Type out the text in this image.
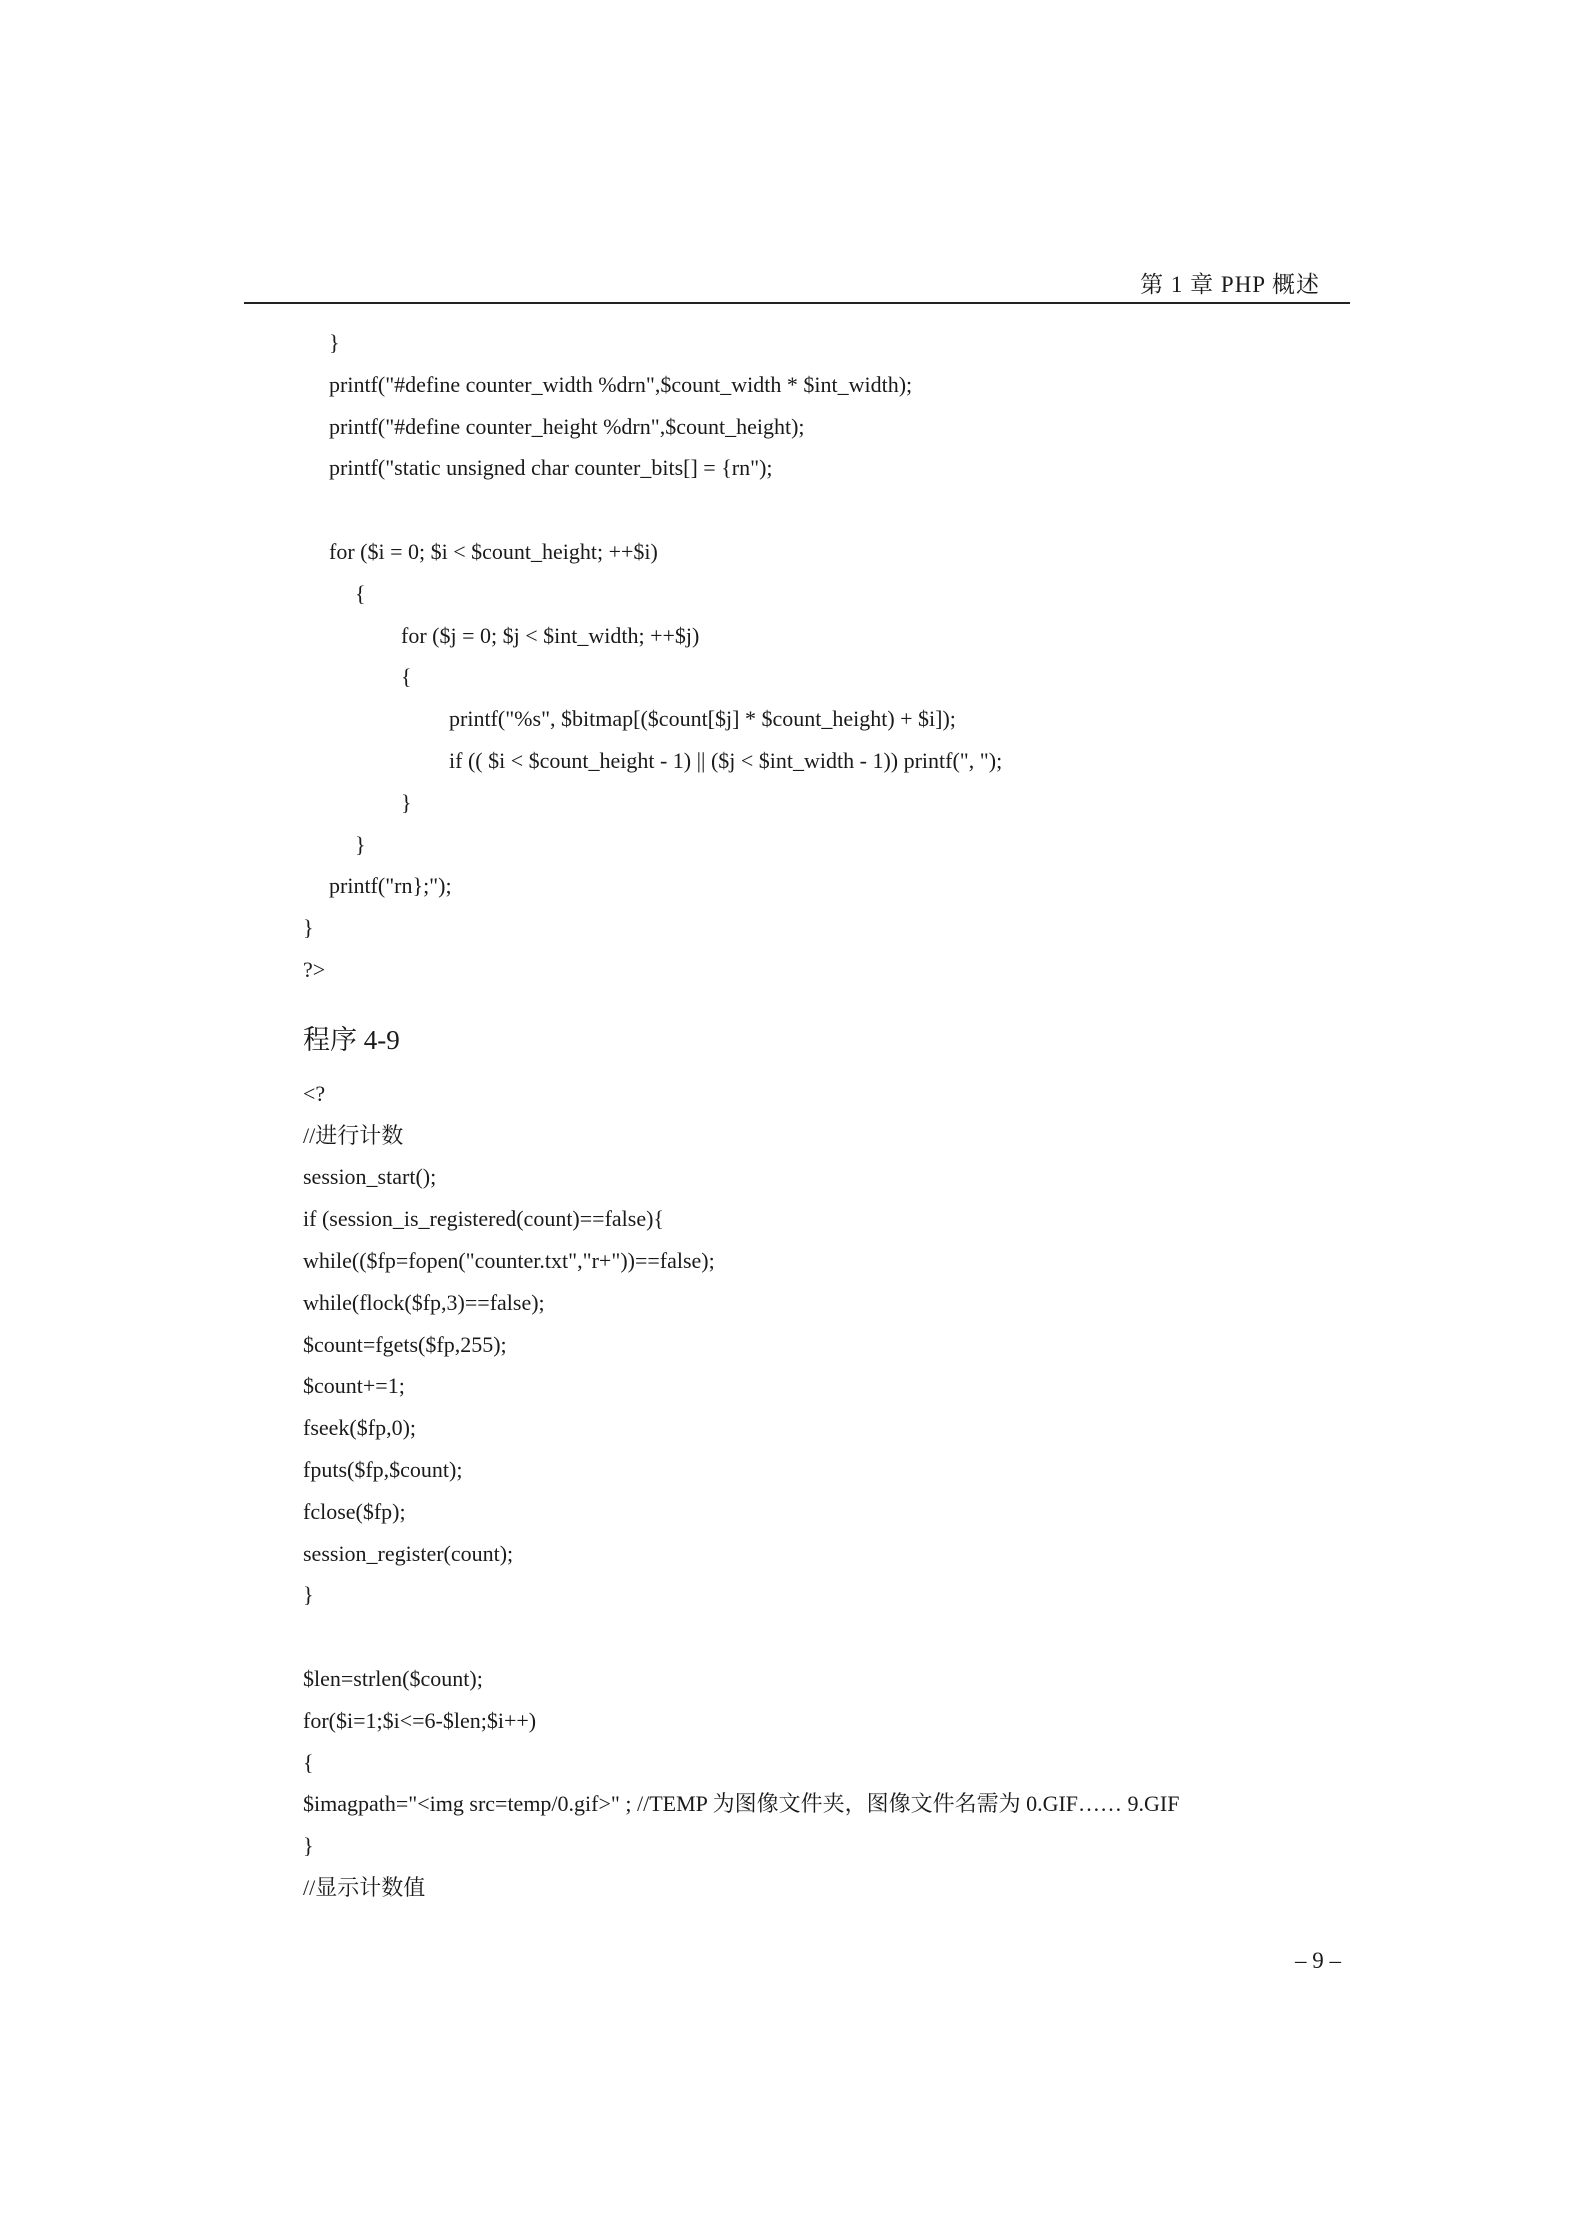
第 1 章 PHP 概述
}
printf("#define counter_width %drn",$count_width * $int_width);
printf("#define counter_height %drn",$count_height);
printf("static unsigned char counter_bits[] = {rn");
for ($i = 0; $i < $count_height; ++$i)
{
for ($j = 0; $j < $int_width; ++$j)
{
printf("%s", $bitmap[($count[$j] * $count_height) + $i]);
if (( $i < $count_height - 1) || ($j < $int_width - 1)) printf(", ");
}
}
printf("rn};");
}
?>
程序 4-9
<?
//进行计数
session_start();
if (session_is_registered(count)==false){
while(($fp=fopen("counter.txt","r+"))==false);
while(flock($fp,3)==false);
$count=fgets($fp,255);
$count+=1;
fseek($fp,0);
fputs($fp,$count);
fclose($fp);
session_register(count);
}
$len=strlen($count);
for($i=1;$i<=6-$len;$i++)
{
$imagpath="<img src=temp/0.gif>" ; //TEMP 为图像文件夹，图像文件名需为 0.GIF…… 9.GIF
}
//显示计数值
– 9 –
